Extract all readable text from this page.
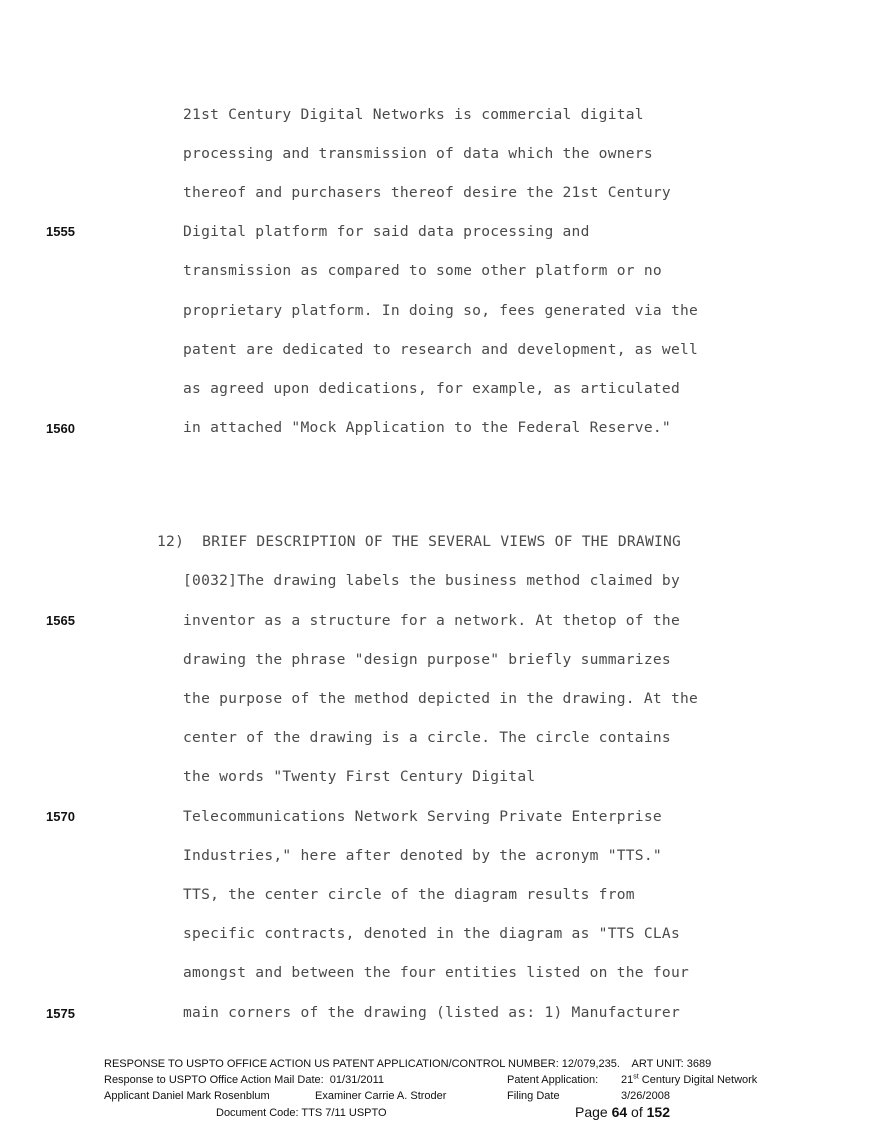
21st Century Digital Networks is commercial digital
processing and transmission of data which the owners
thereof and purchasers thereof desire the 21st Century
Digital platform for said data processing and
transmission as compared to some other platform or no
proprietary platform. In doing so, fees generated via the
patent are dedicated to research and development, as well
as agreed upon dedications, for example, as articulated
in attached "Mock Application to the Federal Reserve."
12)  BRIEF DESCRIPTION OF THE SEVERAL VIEWS OF THE DRAWING
[0032]The drawing labels the business method claimed by
inventor as a structure for a network. At thetop of the
drawing the phrase "design purpose" briefly summarizes
the purpose of the method depicted in the drawing. At the
center of the drawing is a circle. The circle contains
the words "Twenty First Century Digital
Telecommunications Network Serving Private Enterprise
Industries," here after denoted by the acronym "TTS."
TTS, the center circle of the diagram results from
specific contracts, denoted in the diagram as "TTS CLAs
amongst and between the four entities listed on the four
main corners of the drawing (listed as: 1) Manufacturer
1555
1560
1565
1570
1575
RESPONSE TO USPTO OFFICE ACTION US PATENT APPLICATION/CONTROL NUMBER: 12/079,235.    ART UNIT: 3689
Response to USPTO Office Action Mail Date:  01/31/2011	Patent Application: 21st Century Digital Network
Applicant Daniel Mark Rosenblum	Examiner Carrie A. Stroder	Filing Date	3/26/2008
Document Code: TTS 7/11 USPTO	Page 64 of 152
